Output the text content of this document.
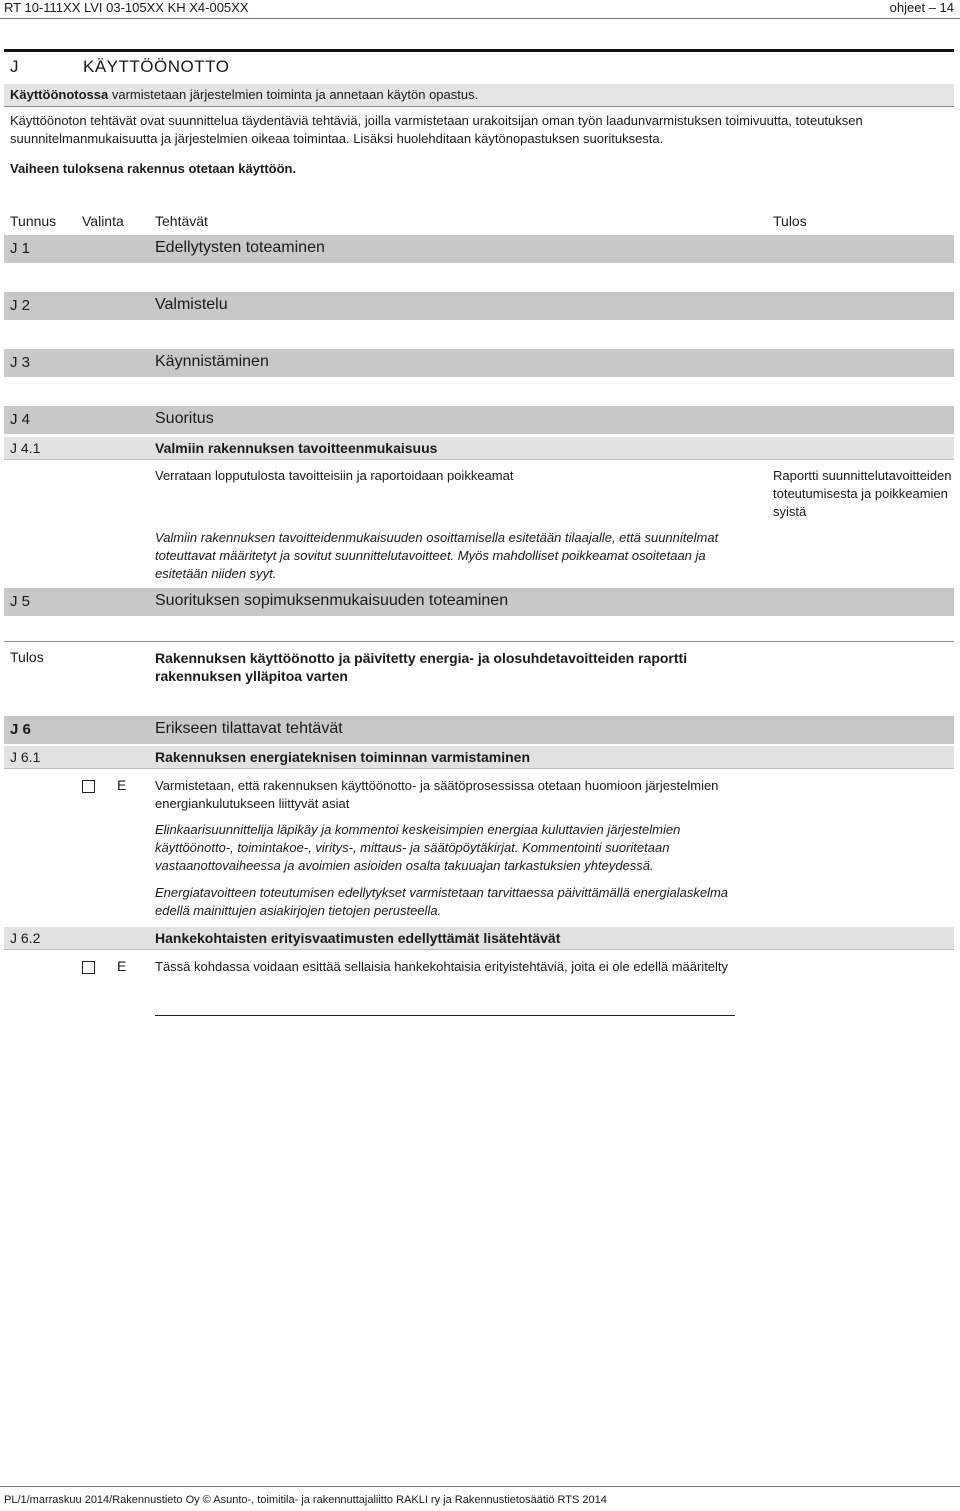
RT 10-111XX LVI 03-105XX KH X4-005XX	ohjeet – 14
J	KÄYTTÖÖNOTTO
Käyttöönotossa varmistetaan järjestelmien toiminta ja annetaan käytön opastus.
Käyttöönoton tehtävät ovat suunnittelua täydentäviä tehtäviä, joilla varmistetaan urakoitsijan oman työn laadunvarmistuksen toimivuutta, toteutuksen suunnitelmanmukaisuutta ja järjestelmien oikeaa toimintaa. Lisäksi huolehditaan käytönopastuksen suorituksesta.
Vaiheen tuloksena rakennus otetaan käyttöön.
Tunnus Valinta Tehtävät	Tulos
J 1	Edellytysten toteaminen
J 2	Valmistelu
J 3	Käynnistäminen
J 4	Suoritus
J 4.1	Valmiin rakennuksen tavoitteenmukaisuus
Verrataan lopputulosta tavoitteisiin ja raportoidaan poikkeamat	Raportti suunnittelutavoitteiden toteutumisesta ja poikkeamien syistä
Valmiin rakennuksen tavoitteidenmukaisuuden osoittamisella esitetään tilaajalle, että suunnitelmat toteuttavat määritetyt ja sovitut suunnittelutavoitteet. Myös mahdolliset poikkeamat osoitetaan ja esitetään niiden syyt.
J 5	Suorituksen sopimuksenmukaisuuden toteaminen
Tulos	Rakennuksen käyttöönotto ja päivitetty energia- ja olosuhdetavoitteiden raportti rakennuksen ylläpitoa varten
J 6	Erikseen tilattavat tehtävät
J 6.1	Rakennuksen energiateknisen toiminnan varmistaminen
E Varmistetaan, että rakennuksen käyttöönotto- ja säätöprosessissa otetaan huomioon järjestelmien energiankulutukseen liittyvät asiat
Elinkaarisuunnittelija läpikäy ja kommentoi keskeisimpien energiaa kuluttavien järjestelmien käyttöönotto-, toimintakoe-, viritys-, mittaus- ja säätöpöytäkirjat. Kommentointi suoritetaan vastaanottovaiheessa ja avoimien asioiden osalta takuuajan tarkastuksien yhteydessä.
Energiatavoitteen toteutumisen edellytykset varmistetaan tarvittaessa päivittämällä energialaskelma edellä mainittujen asiakirjojen tietojen perusteella.
J 6.2	Hankekohtaisten erityisvaatimusten edellyttämät lisätehtävät
E Tässä kohdassa voidaan esittää sellaisia hankekohtaisia erityistehtäviä, joita ei ole edellä määritelty
PL/1/marraskuu 2014/Rakennustieto Oy © Asunto-, toimitila- ja rakennuttajaliitto RAKLI ry ja Rakennustietosäätiö RTS 2014
